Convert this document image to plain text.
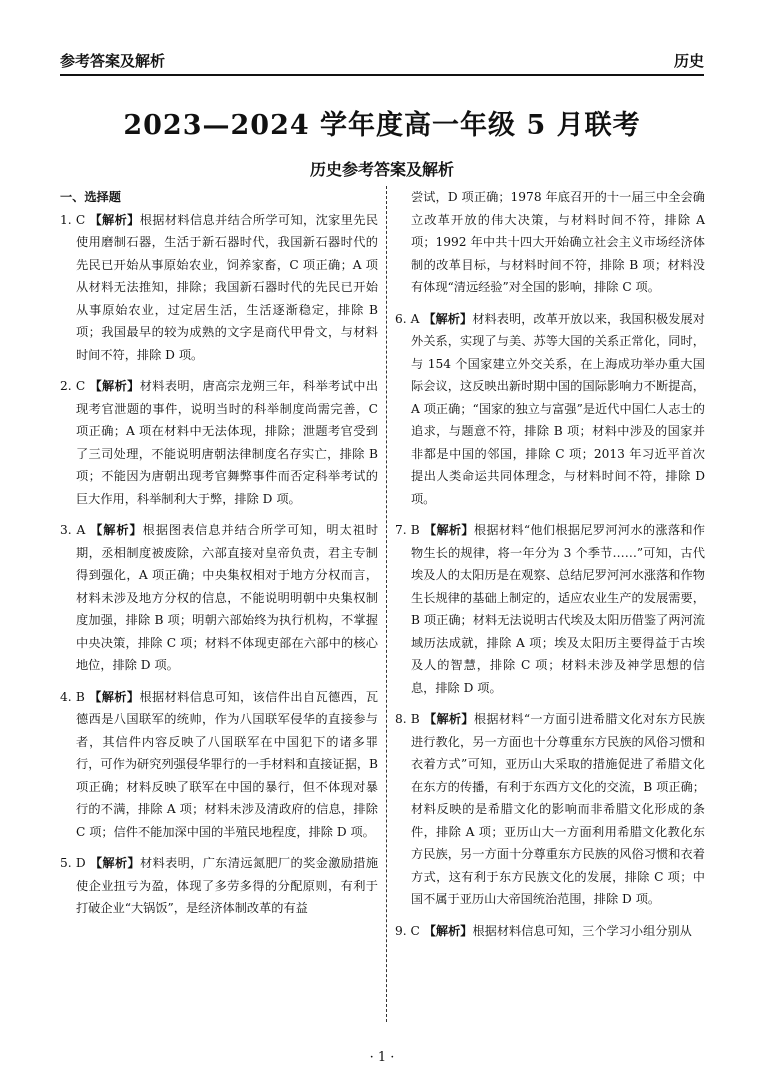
参考答案及解析	历史
2023—2024 学年度高一年级 5 月联考
历史参考答案及解析
一、选择题

1. C 【解析】根据材料信息并结合所学可知，沈家里先民使用磨制石器，生活于新石器时代，我国新石器时代的先民已开始从事原始农业，饲养家畜，C 项正确；A 项从材料无法推知，排除；我国新石器时代的先民已开始从事原始农业，过定居生活，生活逐渐稳定，排除 B 项；我国最早的较为成熟的文字是商代甲骨文，与材料时间不符，排除 D 项。

2. C 【解析】材料表明，唐高宗龙朔三年，科举考试中出现考官泄题的事件，说明当时的科举制度尚需完善，C 项正确；A 项在材料中无法体现，排除；泄题考官受到了三司处理，不能说明唐朝法律制度名存实亡，排除 B 项；不能因为唐朝出现考官舞弊事件而否定科举考试的巨大作用，科举制利大于弊，排除 D 项。

3. A 【解析】根据图表信息并结合所学可知，明太祖时期，丞相制度被废除，六部直接对皇帝负责，君主专制得到强化，A 项正确；中央集权相对于地方分权而言，材料未涉及地方分权的信息，不能说明明朝中央集权制度加强，排除 B 项；明朝六部始终为执行机构，不掌握中央决策，排除 C 项；材料不体现吏部在六部中的核心地位，排除 D 项。

4. B 【解析】根据材料信息可知，该信件出自瓦德西，瓦德西是八国联军的统帅，作为八国联军侵华的直接参与者，其信件内容反映了八国联军在中国犯下的诸多罪行，可作为研究列强侵华罪行的一手材料和直接证据，B 项正确；材料反映了联军在中国的暴行，但不体现对暴行的不满，排除 A 项；材料未涉及清政府的信息，排除 C 项；信件不能加深中国的半殖民地程度，排除 D 项。

5. D 【解析】材料表明，广东清远氮肥厂的奖金激励措施使企业扭亏为盈，体现了多劳多得的分配原则，有利于打破企业“大锅饭”，是经济体制改革的有益

尝试，D 项正确；1978 年底召开的十一届三中全会确立改革开放的伟大决策，与材料时间不符，排除 A 项；1992 年中共十四大开始确立社会主义市场经济体制的改革目标，与材料时间不符，排除 B 项；材料没有体现“清远经验”对全国的影响，排除 C 项。

6. A 【解析】材料表明，改革开放以来，我国积极发展对外关系，实现了与美、苏等大国的关系正常化，同时，与 154 个国家建立外交关系，在上海成功举办重大国际会议，这反映出新时期中国的国际影响力不断提高，A 项正确；“国家的独立与富强”是近代中国仁人志士的追求，与题意不符，排除 B 项；材料中涉及的国家并非都是中国的邻国，排除 C 项；2013 年习近平首次提出人类命运共同体理念，与材料时间不符，排除 D 项。

7. B 【解析】根据材料“他们根据尼罗河河水的涨落和作物生长的规律，将一年分为 3 个季节……”可知，古代埃及人的太阳历是在观察、总结尼罗河河水涨落和作物生长规律的基础上制定的，适应农业生产的发展需要，B 项正确；材料无法说明古代埃及太阳历借鉴了两河流域历法成就，排除 A 项；埃及太阳历主要得益于古埃及人的智慧，排除 C 项；材料未涉及神学思想的信息，排除 D 项。

8. B 【解析】根据材料“一方面引进希腊文化对东方民族进行教化，另一方面也十分尊重东方民族的风俗习惯和衣着方式”可知，亚历山大采取的措施促进了希腊文化在东方的传播，有利于东西方文化的交流，B 项正确；材料反映的是希腊文化的影响而非希腊文化形成的条件，排除 A 项；亚历山大一方面利用希腊文化教化东方民族，另一方面十分尊重东方民族的风俗习惯和衣着方式，这有利于东方民族文化的发展，排除 C 项；中国不属于亚历山大帝国统治范围，排除 D 项。

9. C 【解析】根据材料信息可知，三个学习小组分别从

· 1 ·
